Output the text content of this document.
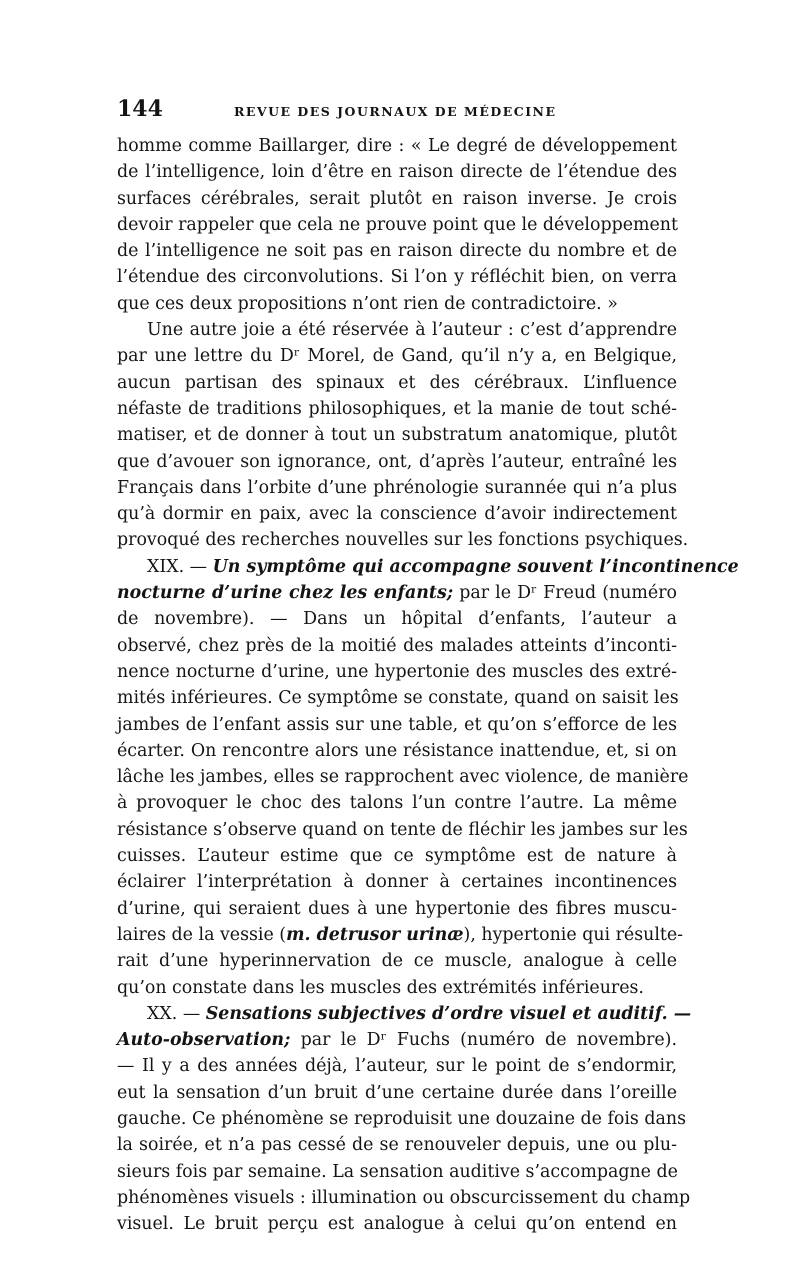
144	REVUE DES JOURNAUX DE MÉDECINE
homme comme Baillarger, dire : « Le degré de développement
de l’intelligence, loin d’être en raison directe de l’étendue des
surfaces cérébrales, serait plutôt en raison inverse. Je crois
devoir rappeler que cela ne prouve point que le développement
de l’intelligence ne soit pas en raison directe du nombre et de
l’étendue des circonvolutions. Si l’on y réfléchit bien, on verra
que ces deux propositions n’ont rien de contradictoire. »
Une autre joie a été réservée à l’auteur : c’est d’apprendre
par une lettre du Dʳ Morel, de Gand, qu’il n’y a, en Belgique,
aucun partisan des spinaux et des cérébraux. L’influence
néfaste de traditions philosophiques, et la manie de tout sché-
matiser, et de donner à tout un substratum anatomique, plutôt
que d’avouer son ignorance, ont, d’après l’auteur, entraîné les
Français dans l’orbite d’une phrénologie surannée qui n’a plus
qu’à dormir en paix, avec la conscience d’avoir indirectement
provoqué des recherches nouvelles sur les fonctions psychiques.
XIX. — Un symptôme qui accompagne souvent l’incontinence
nocturne d’urine chez les enfants; par le Dʳ Freud (numéro
de novembre). — Dans un hôpital d’enfants, l’auteur a
observé, chez près de la moitié des malades atteints d’inconti-
nence nocturne d’urine, une hypertonie des muscles des extré-
mités inférieures. Ce symptôme se constate, quand on saisit les
jambes de l’enfant assis sur une table, et qu’on s’efforce de les
écarter. On rencontre alors une résistance inattendue, et, si on
lâche les jambes, elles se rapprochent avec violence, de manière
à provoquer le choc des talons l’un contre l’autre. La même
résistance s’observe quand on tente de fléchir les jambes sur les
cuisses. L’auteur estime que ce symptôme est de nature à
éclairer l’interprétation à donner à certaines incontinences
d’urine, qui seraient dues à une hypertonie des fibres muscu-
laires de la vessie (m. detrusor urinæ), hypertonie qui résulte-
rait d’une hyperinnervation de ce muscle, analogue à celle
qu’on constate dans les muscles des extrémités inférieures.
XX. — Sensations subjectives d’ordre visuel et auditif. —
Auto-observation; par le Dʳ Fuchs (numéro de novembre).
— Il y a des années déjà, l’auteur, sur le point de s’endormir,
eut la sensation d’un bruit d’une certaine durée dans l’oreille
gauche. Ce phénomène se reproduisit une douzaine de fois dans
la soirée, et n’a pas cessé de se renouveler depuis, une ou plu-
sieurs fois par semaine. La sensation auditive s’accompagne de
phénomènes visuels : illumination ou obscurcissement du champ
visuel. Le bruit perçu est analogue à celui qu’on entend en
